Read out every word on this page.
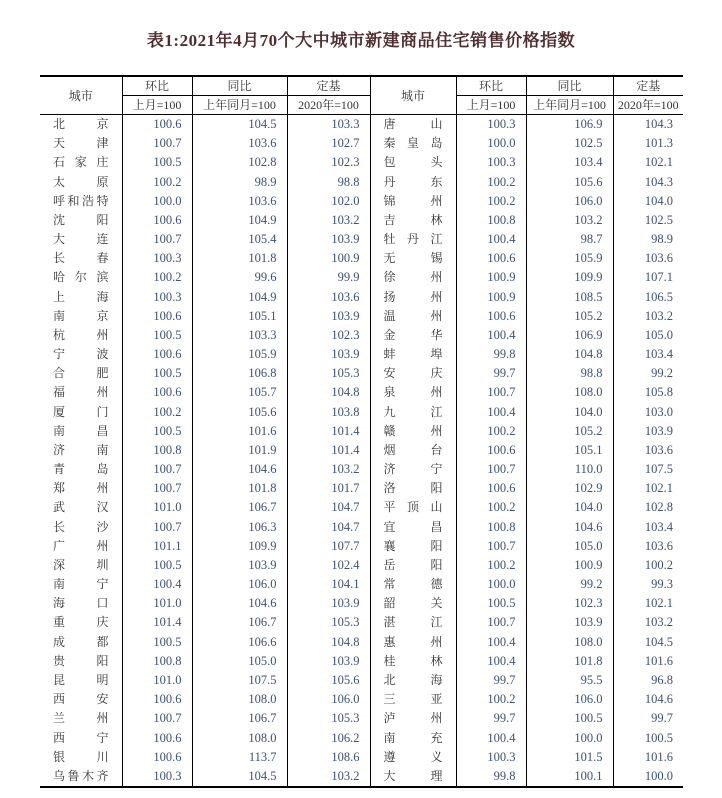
表1:2021年4月70个大中城市新建商品住宅销售价格指数
城市	环比	同比	定基	城市	环比	同比	定基
	上月=100	上年同月=100	2020年=100		上月=100	上年同月=100	2020年=100
北京	100.6	104.5	103.3	唐山	100.3	106.9	104.3
天津	100.7	103.6	102.7	秦皇岛	100.0	102.5	101.3
石家庄	100.5	102.8	102.3	包头	100.3	103.4	102.1
太原	100.2	98.9	98.8	丹东	100.2	105.6	104.3
呼和浩特	100.0	103.6	102.0	锦州	100.2	106.0	104.0
沈阳	100.6	104.9	103.2	吉林	100.8	103.2	102.5
大连	100.7	105.4	103.9	牡丹江	100.4	98.7	98.9
长春	100.3	101.8	100.9	无锡	100.6	105.9	103.6
哈尔滨	100.2	99.6	99.9	徐州	100.9	109.9	107.1
上海	100.3	104.9	103.6	扬州	100.9	108.5	106.5
南京	100.6	105.1	103.9	温州	100.6	105.2	103.2
杭州	100.5	103.3	102.3	金华	100.4	106.9	105.0
宁波	100.6	105.9	103.9	蚌埠	99.8	104.8	103.4
合肥	100.5	106.8	105.3	安庆	99.7	98.8	99.2
福州	100.6	105.7	104.8	泉州	100.7	108.0	105.8
厦门	100.2	105.6	103.8	九江	100.4	104.0	103.0
南昌	100.5	101.6	101.4	赣州	100.2	105.2	103.9
济南	100.8	101.9	101.4	烟台	100.6	105.1	103.6
青岛	100.7	104.6	103.2	济宁	100.7	110.0	107.5
郑州	100.7	101.8	101.7	洛阳	100.6	102.9	102.1
武汉	101.0	106.7	104.7	平顶山	100.2	104.0	102.8
长沙	100.7	106.3	104.7	宜昌	100.8	104.6	103.4
广州	101.1	109.9	107.7	襄阳	100.7	105.0	103.6
深圳	100.5	103.9	102.4	岳阳	100.2	100.9	100.2
南宁	100.4	106.0	104.1	常德	100.0	99.2	99.3
海口	101.0	104.6	103.9	韶关	100.5	102.3	102.1
重庆	101.4	106.7	105.3	湛江	100.7	103.9	103.2
成都	100.5	106.6	104.8	惠州	100.4	108.0	104.5
贵阳	100.8	105.0	103.9	桂林	100.4	101.8	101.6
昆明	101.0	107.5	105.6	北海	99.7	95.5	96.8
西安	100.6	108.0	106.0	三亚	100.2	106.0	104.6
兰州	100.7	106.7	105.3	泸州	99.7	100.5	99.7
西宁	100.6	108.0	106.2	南充	100.4	100.0	100.5
银川	100.6	113.7	108.6	遵义	100.3	101.5	101.6
乌鲁木齐	100.3	104.5	103.2	大理	99.8	100.1	100.0
